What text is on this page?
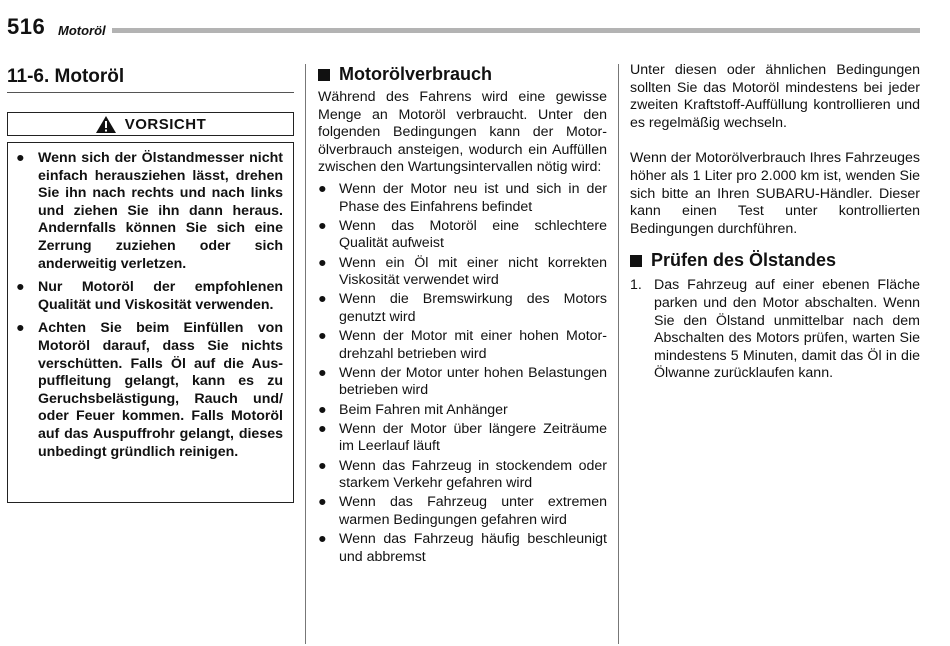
516 Motoröl
11-6. Motoröl
VORSICHT
● Wenn sich der Ölstandmesser nicht einfach herausziehen lässt, drehen Sie ihn nach rechts und nach links und ziehen Sie ihn dann heraus. Andernfalls können Sie sich eine Zerrung zuziehen oder sich anderweitig verletzen.
● Nur Motoröl der empfohlenen Qualität und Viskosität verwenden.
● Achten Sie beim Einfüllen von Motoröl darauf, dass Sie nichts verschütten. Falls Öl auf die Auspuffleitung gelangt, kann es zu Geruchsbelästigung, Rauch und/ oder Feuer kommen. Falls Motoröl auf das Auspuffrohr gelangt, dieses unbedingt gründlich reinigen.
Motorölverbrauch

Während des Fahrens wird eine gewisse Menge an Motoröl verbraucht. Unter den folgenden Bedingungen kann der Motorölverbrauch ansteigen, wodurch ein Auffüllen zwischen den Wartungsintervallen nötig wird:

● Wenn der Motor neu ist und sich in der Phase des Einfahrens befindet
● Wenn das Motoröl eine schlechtere Qualität aufweist
● Wenn ein Öl mit einer nicht korrekten Viskosität verwendet wird
● Wenn die Bremswirkung des Motors genutzt wird
● Wenn der Motor mit einer hohen Motordrehzahl betrieben wird
● Wenn der Motor unter hohen Belastungen betrieben wird
● Beim Fahren mit Anhänger
● Wenn der Motor über längere Zeiträume im Leerlauf läuft
● Wenn das Fahrzeug in stockendem oder starkem Verkehr gefahren wird
● Wenn das Fahrzeug unter extremen warmen Bedingungen gefahren wird
● Wenn das Fahrzeug häufig beschleunigt und abbremst

Unter diesen oder ähnlichen Bedingungen sollten Sie das Motoröl mindestens bei jeder zweiten Kraftstoff-Auffüllung kontrollieren und es regelmäßig wechseln.

Wenn der Motorölverbrauch Ihres Fahrzeuges höher als 1 Liter pro 2.000 km ist, wenden Sie sich bitte an Ihren SUBARU-Händler. Dieser kann einen Test unter kontrollierten Bedingungen durchführen.

Prüfen des Ölstandes
1. Das Fahrzeug auf einer ebenen Fläche parken und den Motor abschalten. Wenn Sie den Ölstand unmittelbar nach dem Abschalten des Motors prüfen, warten Sie mindestens 5 Minuten, damit das Öl in die Ölwanne zurücklaufen kann.
